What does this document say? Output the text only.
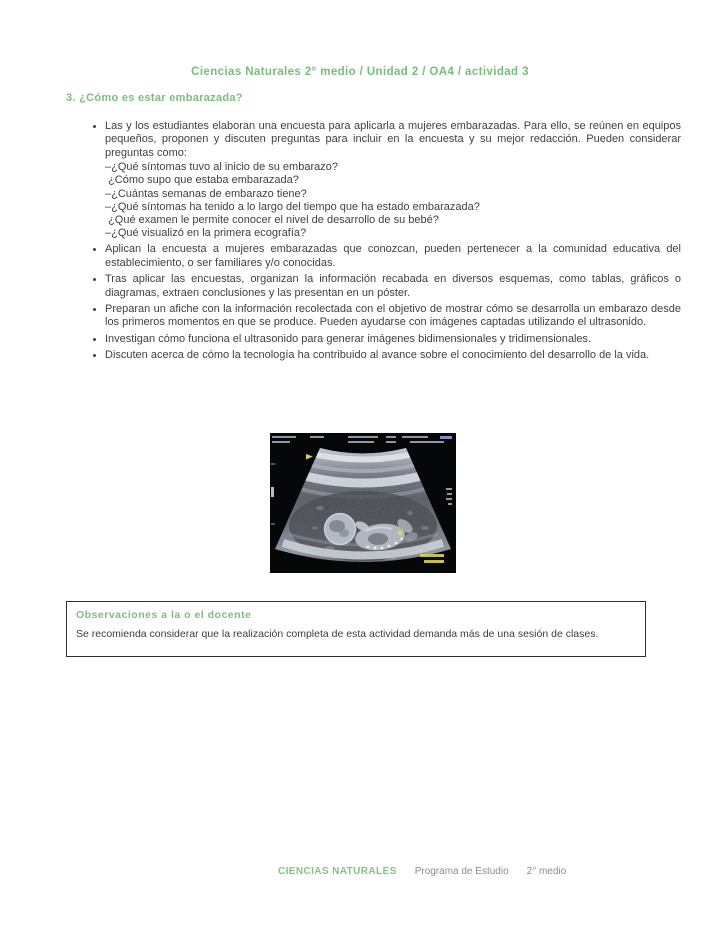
Ciencias Naturales 2° medio / Unidad 2 / OA4 / actividad 3
3. ¿Cómo es estar embarazada?
• Las y los estudiantes elaboran una encuesta para aplicarla a mujeres embarazadas. Para ello, se reúnen en equipos pequeños, proponen y discuten preguntas para incluir en la encuesta y su mejor redacción. Pueden considerar preguntas como:
–¿Qué síntomas tuvo al inicio de su embarazo?
¿Cómo supo que estaba embarazada?
–¿Cuántas semanas de embarazo tiene?
–¿Qué síntomas ha tenido a lo largo del tiempo que ha estado embarazada?
¿Qué examen le permite conocer el nivel de desarrollo de su bebé?
–¿Qué visualizó en la primera ecografía?
• Aplican la encuesta a mujeres embarazadas que conozcan, pueden pertenecer a la comunidad educativa del establecimiento, o ser familiares y/o conocidas.
• Tras aplicar las encuestas, organizan la información recabada en diversos esquemas, como tablas, gráficos o diagramas, extraen conclusiones y las presentan en un póster.
• Preparan un afiche con la información recolectada con el objetivo de mostrar cómo se desarrolla un embarazo desde los primeros momentos en que se produce. Pueden ayudarse con imágenes captadas utilizando el ultrasonido.
• Investigan cómo funciona el ultrasonido para generar imágenes bidimensionales y tridimensionales.
• Discuten acerca de cómo la tecnología ha contribuido al avance sobre el conocimiento del desarrollo de la vida.
Observaciones a la o el docente
Se recomienda considerar que la realización completa de esta actividad demanda más de una sesión de clases.
CIENCIAS NATURALES Programa de Estudio 2° medio
